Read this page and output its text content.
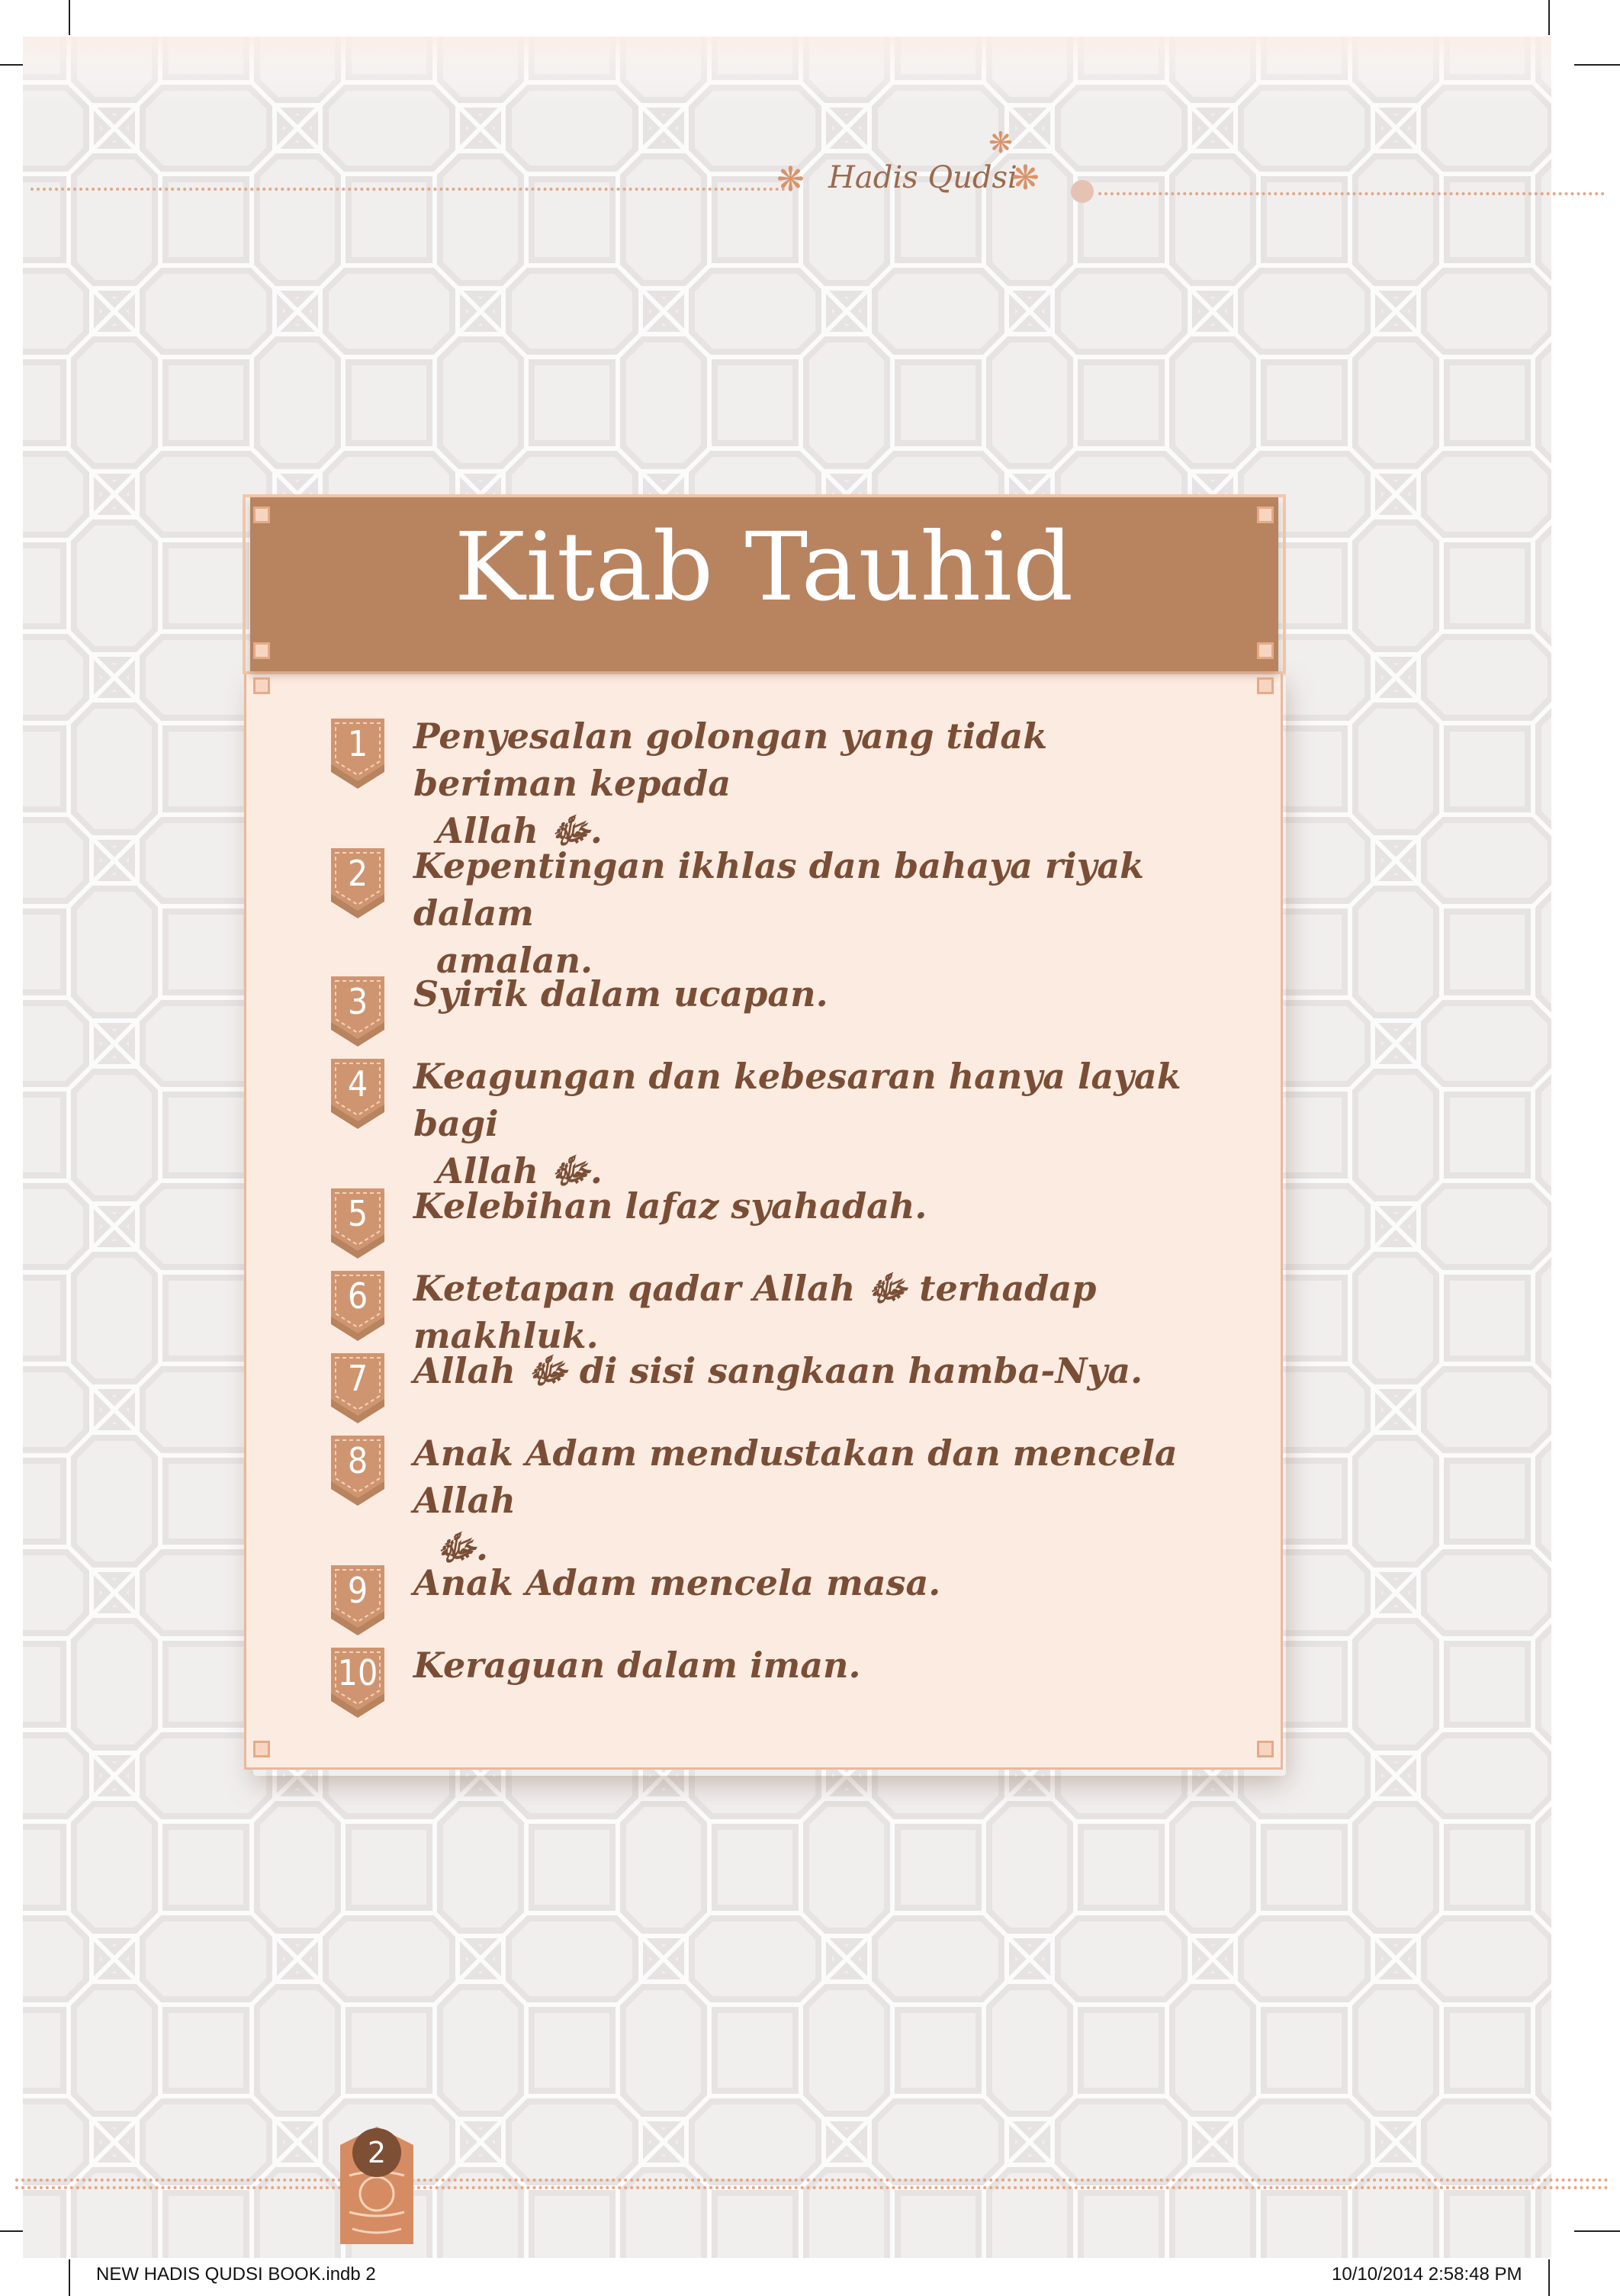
❋ Hadis Qudsi
❋
❋
Kitab Tauhid
1	Penyesalan golongan yang tidak beriman kepada
Allah ﷻ.
2	Kepentingan ikhlas dan bahaya riyak dalam
amalan.
3	Syirik dalam ucapan.
4	Keagungan dan kebesaran hanya layak bagi
Allah ﷻ.
5	Kelebihan lafaz syahadah.
6	Ketetapan qadar Allah ﷻ terhadap makhluk.
7	Allah ﷻ di sisi sangkaan hamba-Nya.
8	Anak Adam mendustakan dan mencela Allah
ﷻ.
9	Anak Adam mencela masa.
10 Keraguan dalam iman.
2
NEW HADIS QUDSI BOOK.indb 2	10/10/2014 2:58:48 PM
